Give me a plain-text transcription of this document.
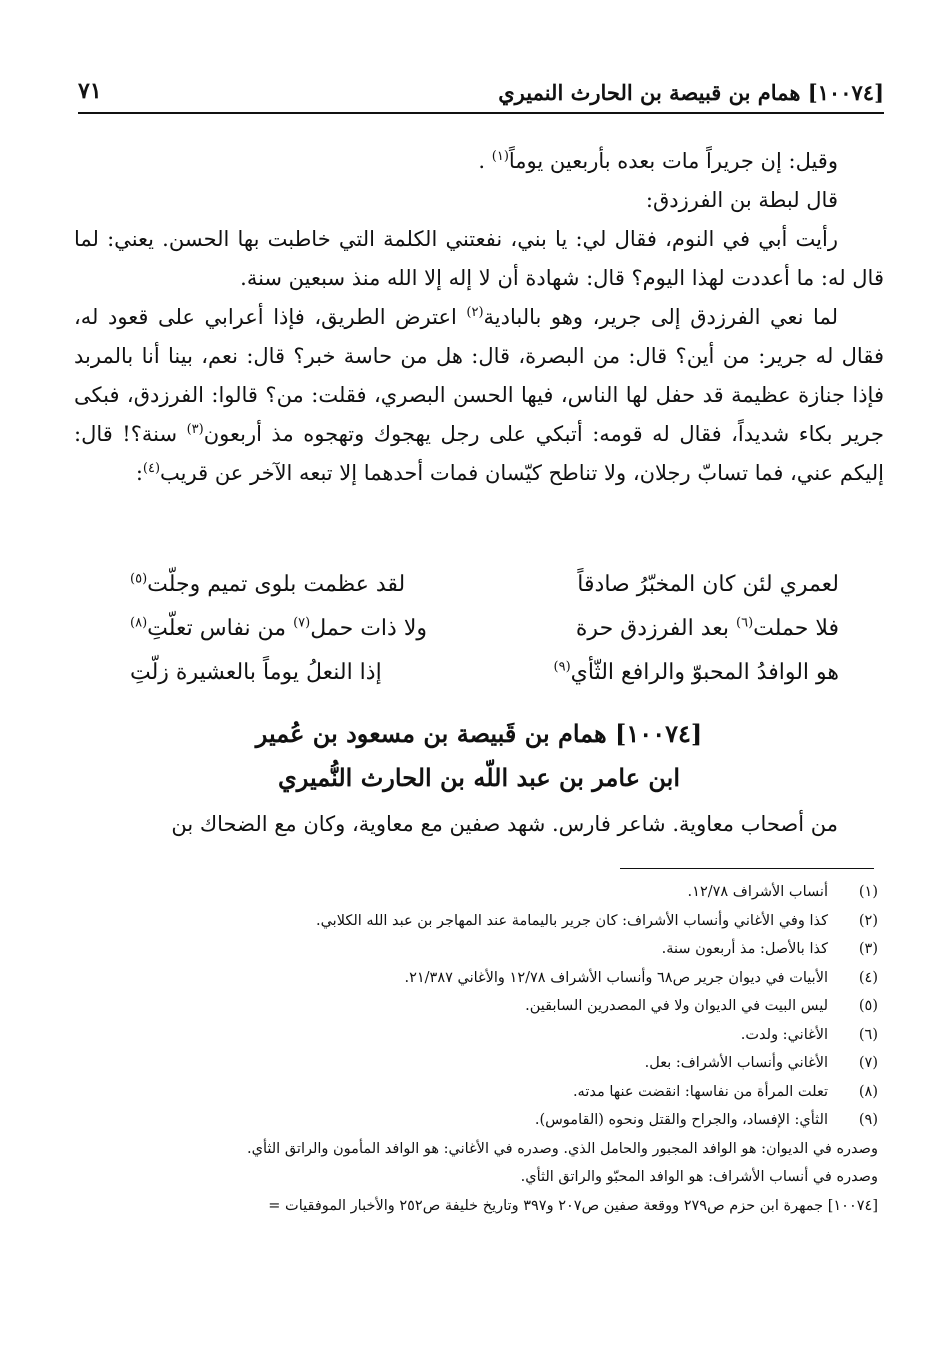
[١٠٠٧٤] همام بن قبيصة بن الحارث النميري
٧١

وقيل: إن جريراً مات بعده بأربعين يوماً$^{(١)}$ .

قال لبطة بن الفرزدق:

رأيت أبي في النوم، فقال لي: يا بني، نفعتني الكلمة التي خاطبت بها الحسن. يعني: لما قال له: ما أعددت لهذا اليوم؟ قال: شهادة أن لا إله إلا الله منذ سبعين سنة.

لما نعي الفرزدق إلى جرير، وهو بالبادية$^{(٢)}$ اعترض الطريق، فإذا أعرابي على قعود له، فقال له جرير: من أين؟ قال: من البصرة، قال: هل من حاسة خبر؟ قال: نعم، بينا أنا بالمربد فإذا جنازة عظيمة قد حفل لها الناس، فيها الحسن البصري، فقلت: من؟ قالوا: الفرزدق، فبكى جرير بكاء شديداً، فقال له قومه: أتبكي على رجل يهجوك وتهجوه مذ أربعون$^{(٣)}$ سنة؟! قال: إليكم عني، فما تسابّ رجلان، ولا تناطح كيّسان فمات أحدهما إلا تبعه الآخر عن قريب$^{(٤)}$:

لعمري لئن كان المخبّرُ صادقاً
لقد عظمت بلوى تميم وجلّت$^{(٥)}$
فلا حملت$^{(٦)}$ بعد الفرزدق حرة
ولا ذات حمل$^{(٧)}$ من نفاس تعلّتِ$^{(٨)}$
هو الوافدُ المحبوّ والرافع الثّأي$^{(٩)}$
إذا النعلُ يوماً بالعشيرة زلّتِ
[١٠٠٧٤] همام بن قَبيصة بن مسعود بن عُمير
ابن عامر بن عبد اللّه بن الحارث النُّميري

من أصحاب معاوية. شاعر فارس. شهد صفين مع معاوية، وكان مع الضحاك بن

(١)
أنساب الأشراف ١٢/٧٨.
(٢)
كذا وفي الأغاني وأنساب الأشراف: كان جرير باليمامة عند المهاجر بن عبد الله الكلابي.
(٣)
كذا بالأصل: مذ أربعون سنة.
(٤)
الأبيات في ديوان جرير ص٦٨ وأنساب الأشراف ١٢/٧٨ والأغاني ٢١/٣٨٧.
(٥)
ليس البيت في الديوان ولا في المصدرين السابقين.
(٦)
الأغاني: ولدت.
(٧)
الأغاني وأنساب الأشراف: بعل.
(٨)
تعلت المرأة من نفاسها: انقضت عنها مدته.
(٩)
الثأي: الإفساد، والجراح والقتل ونحوه (القاموس).
وصدره في الديوان: هو الوافد المجبور والحامل الذي. وصدره في الأغاني: هو الوافد المأمون والراتق الثأي.
وصدره في أنساب الأشراف: هو الوافد المحبّو والراتق الثأي.
[١٠٠٧٤] جمهرة ابن حزم ص٢٧٩ ووقعة صفين ص٢٠٧ و٣٩٧ وتاريخ خليفة ص٢٥٢ والأخبار الموفقيات =
